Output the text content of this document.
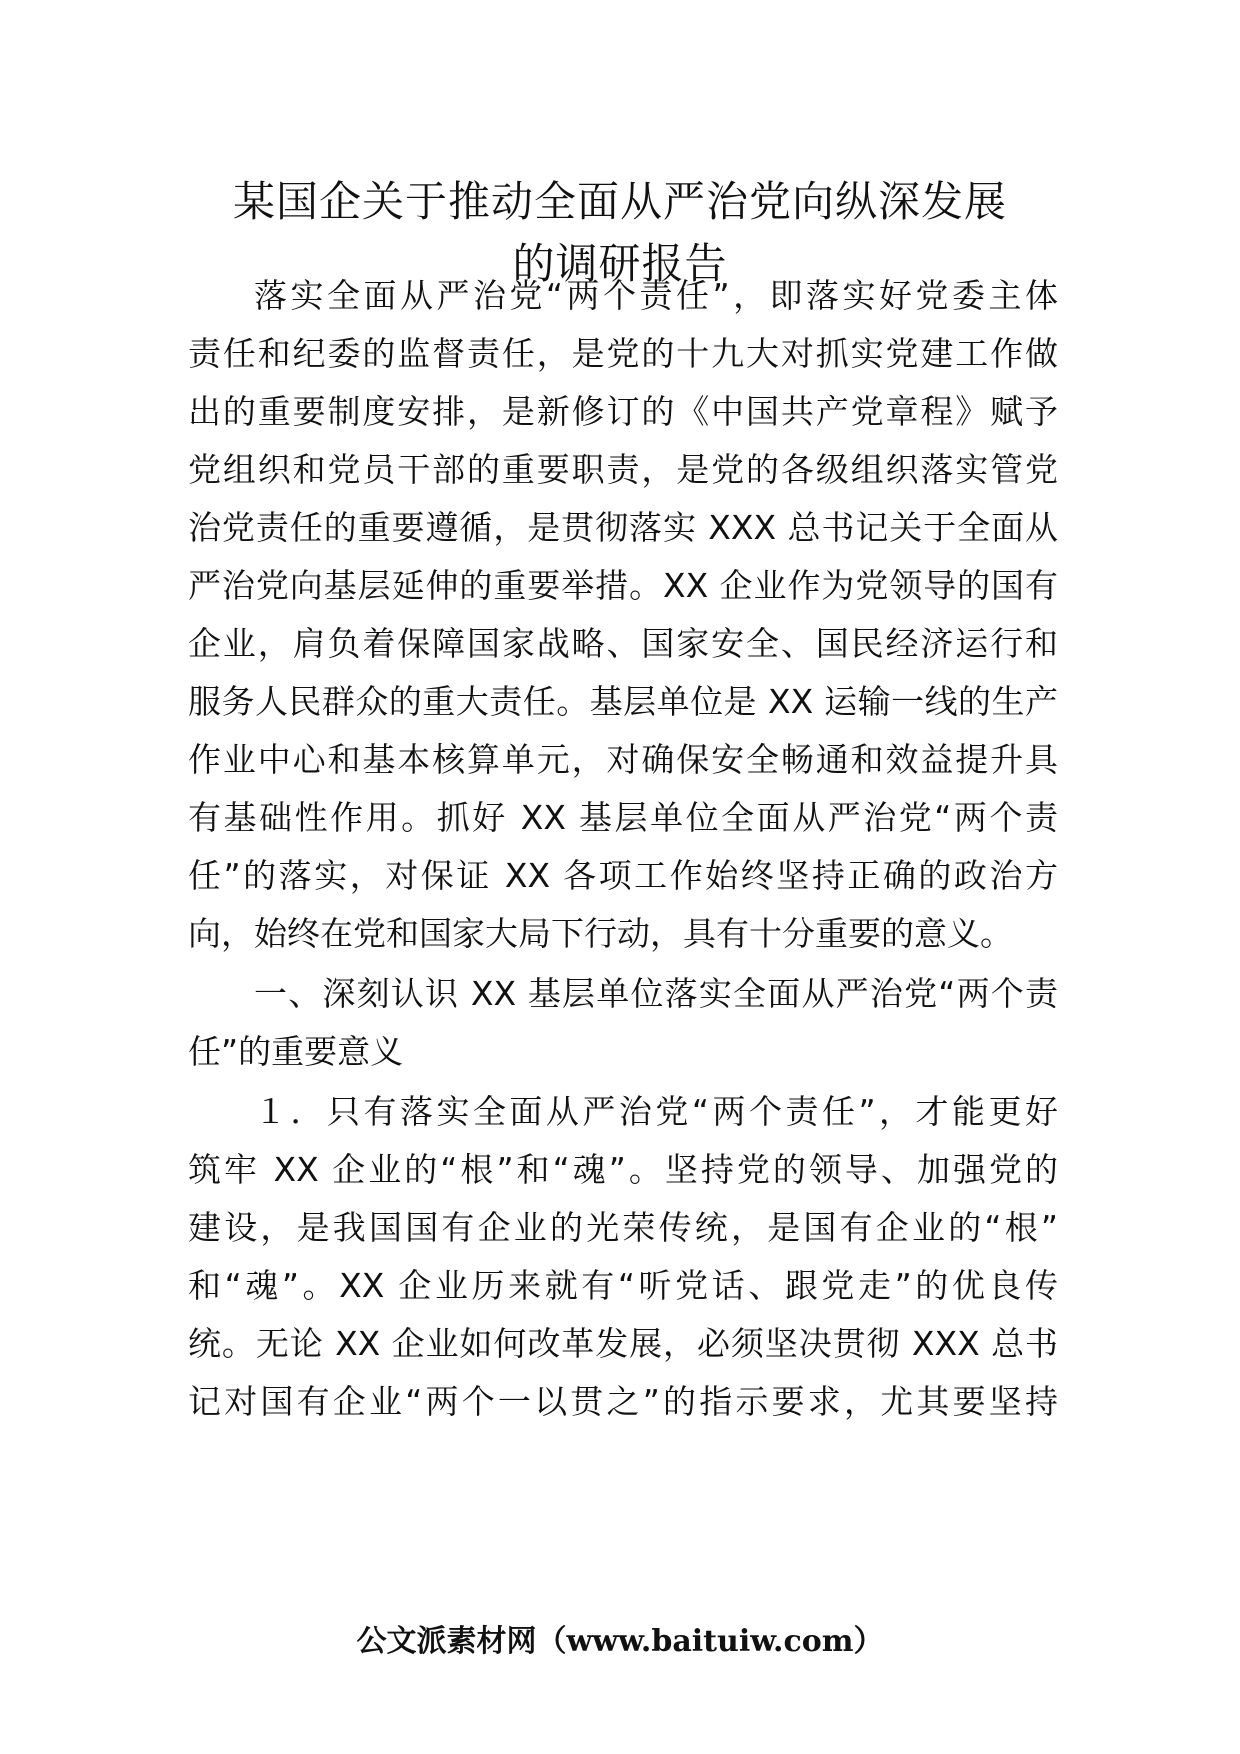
某国企关于推动全面从严治党向纵深发展
的调研报告
落实全面从严治党“两个责任”，即落实好党委主体
责任和纪委的监督责任，是党的十九大对抓实党建工作做
出的重要制度安排，是新修订的《中国共产党章程》赋予
党组织和党员干部的重要职责，是党的各级组织落实管党
治党责任的重要遵循，是贯彻落实 XXX 总书记关于全面从
严治党向基层延伸的重要举措。XX 企业作为党领导的国有
企业，肩负着保障国家战略、国家安全、国民经济运行和
服务人民群众的重大责任。基层单位是 XX 运输一线的生产
作业中心和基本核算单元，对确保安全畅通和效益提升具
有基础性作用。抓好 XX 基层单位全面从严治党“两个责
任”的落实，对保证 XX 各项工作始终坚持正确的政治方
向，始终在党和国家大局下行动，具有十分重要的意义。
一、深刻认识 XX 基层单位落实全面从严治党“两个责
任”的重要意义
１．只有落实全面从严治党“两个责任”，才能更好
筑牢 XX 企业的“根”和“魂”。坚持党的领导、加强党的
建设，是我国国有企业的光荣传统，是国有企业的“根”
和“魂”。XX 企业历来就有“听党话、跟党走”的优良传
统。无论 XX 企业如何改革发展，必须坚决贯彻 XXX 总书
记对国有企业“两个一以贯之”的指示要求，尤其要坚持
公文派素材网（www.baituiw.com）
